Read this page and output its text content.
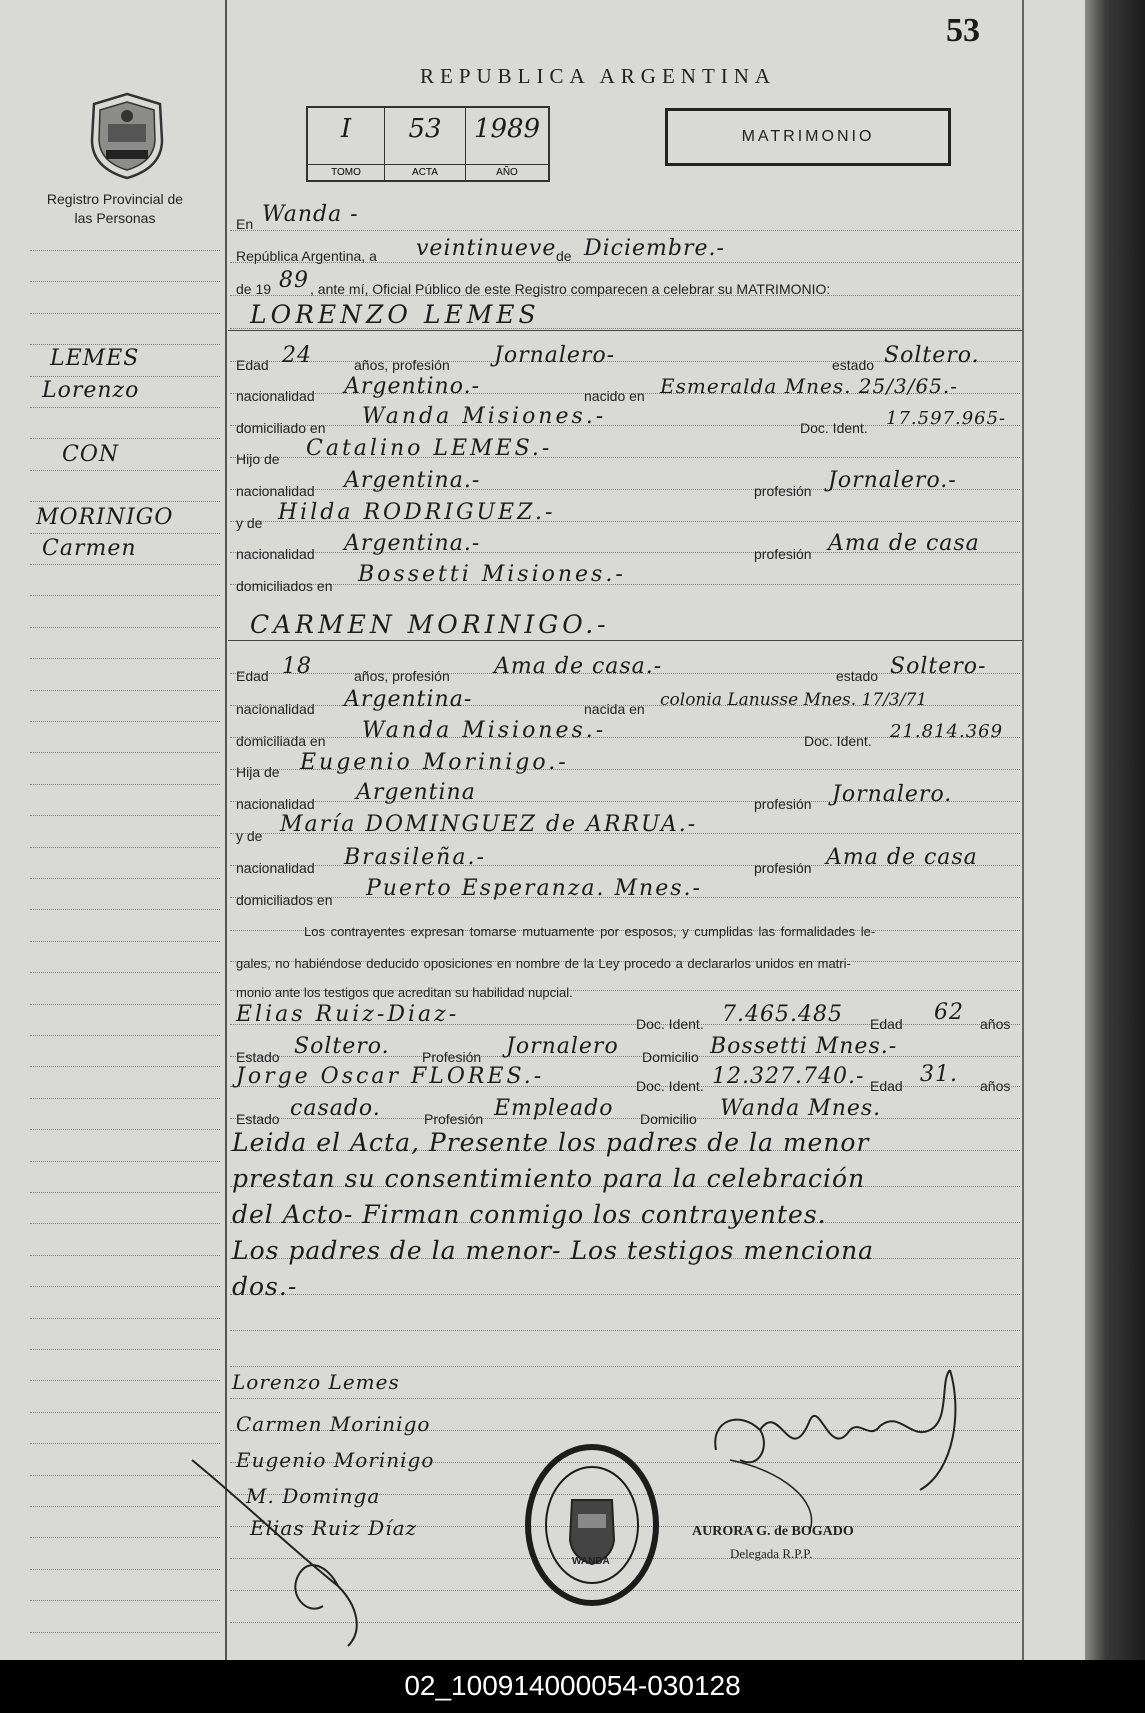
53
REPUBLICA ARGENTINA
Registro Provincial de las Personas
I
TOMO
53
ACTA
1989
AÑO
MATRIMONIO
LEMES
Lorenzo
CON
MORINIGO
Carmen
En Wanda -
República Argentina, a veintinueve de Diciembre.-
de 19 89 , ante mí, Oficial Público de este Registro comparecen a celebrar su MATRIMONIO:
LORENZO LEMES
Edad 24	años, profesión Jornalero-	estado Soltero.
nacionalidad Argentino.-	nacido en Esmeralda Mnes. 25/3/65.-
domiciliado en Wanda Misiones.-	Doc. Ident. 17.597.965-
Hijo de Catalino LEMES.-
nacionalidad Argentina.-	profesión Jornalero.-
y de Hilda RODRIGUEZ.-
nacionalidad Argentina.-	profesión Ama de casa
domiciliados en Bossetti Misiones.-
CARMEN MORINIGO.-
Edad 18	años, profesión Ama de casa.-	estado Soltero-
nacionalidad Argentina-	nacida en colonia Lanusse Mnes. 17/3/71
domiciliada en Wanda Misiones.-	Doc. Ident. 21.814.369
Hija de Eugenio Morinigo.-
nacionalidad Argentina	profesión Jornalero.
y de María DOMINGUEZ de ARRUA.-
nacionalidad Brasileña.-	profesión Ama de casa
domiciliados en Puerto Esperanza. Mnes.-
Los contrayentes expresan tomarse mutuamente por esposos, y cumplidas las formalidades le-
gales, no habiéndose deducido oposiciones en nombre de la Ley procedo a declararlos unidos en matri-
monio ante los testigos que acreditan su habilidad nupcial.
Elias Ruiz-Diaz-	Doc. Ident. 7.465.485 Edad 62 años
Estado Soltero. Profesión Jornalero Domicilio Bossetti Mnes.-
Jorge Oscar FLORES.-	Doc. Ident. 12.327.740.- Edad 31. años
Estado casado.	Profesión Empleado Domicilio Wanda Mnes.
Leida el Acta, Presente los padres de la menor
prestan su consentimiento para la celebración
del Acto- Firman conmigo los contrayentes.
Los padres de la menor- Los testigos menciona
dos.-
Lorenzo Lemes
Carmen Morinigo
Eugenio Morinigo
M. Dominga
Elias Ruiz Díaz
WANDA
AURORA G. de BOGADO
Delegada R.P.P.
02_100914000054-030128
